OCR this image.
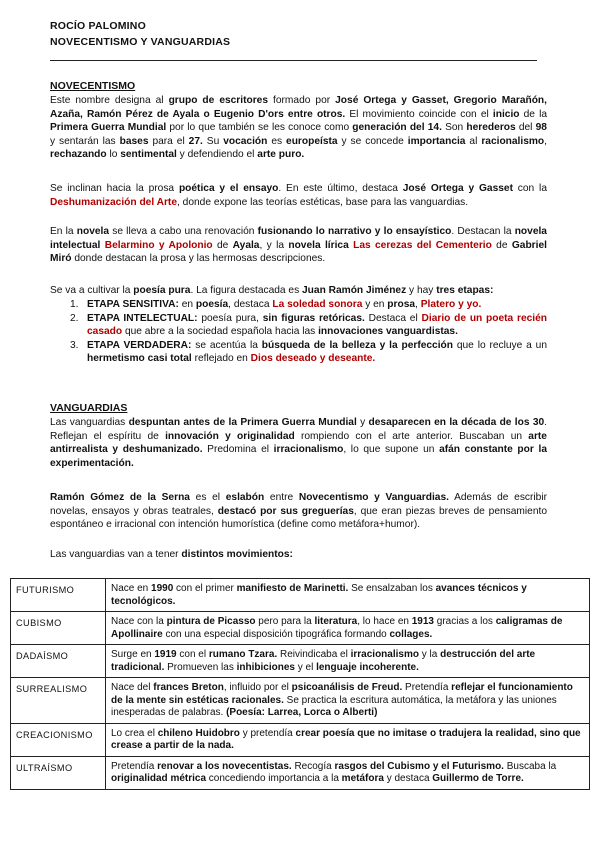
ROCÍO PALOMINO
NOVECENTISMO Y VANGUARDIAS
NOVECENTISMO

Este nombre designa al grupo de escritores formado por José Ortega y Gasset, Gregorio Marañón, Azaña, Ramón Pérez de Ayala o Eugenio D'ors entre otros. El movimiento coincide con el inicio de la Primera Guerra Mundial por lo que también se les conoce como generación del 14. Son herederos del 98 y sentarán las bases para el 27. Su vocación es europeísta y se concede importancia al racionalismo, rechazando lo sentimental y defendiendo el arte puro.

Se inclinan hacia la prosa poética y el ensayo. En este último, destaca José Ortega y Gasset con la Deshumanización del Arte, donde expone las teorías estéticas, base para las vanguardias.

En la novela se lleva a cabo una renovación fusionando lo narrativo y lo ensayístico. Destacan la novela intelectual Belarmino y Apolonio de Ayala, y la novela lírica Las cerezas del Cementerio de Gabriel Miró donde destacan la prosa y las hermosas descripciones.

Se va a cultivar la poesía pura. La figura destacada es Juan Ramón Jiménez y hay tres etapas:

1. ETAPA SENSITIVA: en poesía, destaca La soledad sonora y en prosa, Platero y yo.
2. ETAPA INTELECTUAL: poesía pura, sin figuras retóricas. Destaca el Diario de un poeta recién casado que abre a la sociedad española hacia las innovaciones vanguardistas.
3. ETAPA VERDADERA: se acentúa la búsqueda de la belleza y la perfección que lo recluye a un hermetismo casi total reflejado en Dios deseado y deseante.
VANGUARDIAS

Las vanguardias despuntan antes de la Primera Guerra Mundial y desaparecen en la década de los 30. Reflejan el espíritu de innovación y originalidad rompiendo con el arte anterior. Buscaban un arte antirrealista y deshumanizado. Predomina el irracionalismo, lo que supone un afán constante por la experimentación.

Ramón Gómez de la Serna es el eslabón entre Novecentismo y Vanguardias. Además de escribir novelas, ensayos y obras teatrales, destacó por sus greguerías, que eran piezas breves de pensamiento espontáneo e irracional con intención humorística (define como metáfora+humor).

Las vanguardias van a tener distintos movimientos:

FUTURISMO	Nace en 1990 con el primer manifiesto de Marinetti. Se ensalzaban los avances técnicos y tecnológicos.
CUBISMO	Nace con la pintura de Picasso pero para la literatura, lo hace en 1913 gracias a los caligramas de Apollinaire con una especial disposición tipográfica formando collages.
DADAÍSMO	Surge en 1919 con el rumano Tzara. Reivindicaba el irracionalismo y la destrucción del arte tradicional. Promueven las inhibiciones y el lenguaje incoherente.
SURREALISMO	Nace del frances Breton, influido por el psicoanálisis de Freud. Pretendía reflejar el funcionamiento de la mente sin estéticas racionales. Se practica la escritura automática, la metáfora y las uniones inesperadas de palabras. (Poesía: Larrea, Lorca o Alberti)
CREACIONISMO	Lo crea el chileno Huidobro y pretendía crear poesía que no imitase o tradujera la realidad, sino que crease a partir de la nada.
ULTRAÍSMO	Pretendía renovar a los novecentistas. Recogía rasgos del Cubismo y el Futurismo. Buscaba la originalidad métrica concediendo importancia a la metáfora y destaca Guillermo de Torre.
